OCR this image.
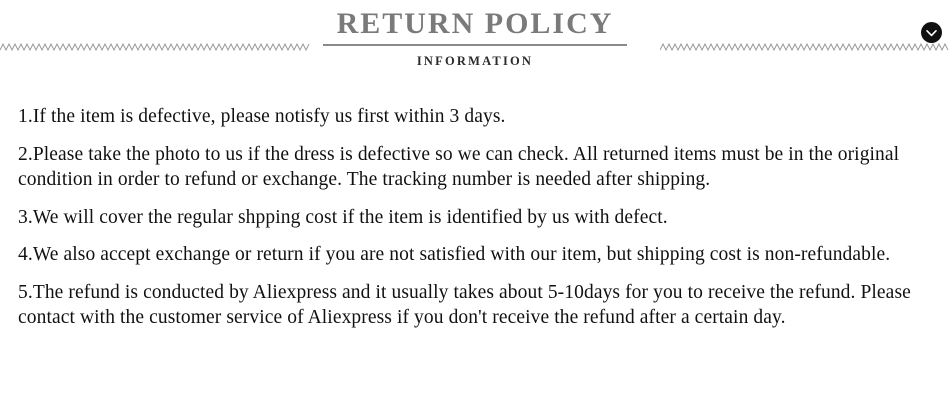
RETURN POLICY
INFORMATION

1.If the item is defective, please notisfy us first within 3 days.

2.Please take the photo to us if the dress is defective so we can check. All returned items must be in the original condition in order to refund or exchange. The tracking number is needed after shipping.

3.We will cover the regular shpping cost if the item is identified by us with defect.

4.We also accept exchange or return if you are not satisfied with our item, but shipping cost is non-refundable.

5.The refund is conducted by Aliexpress and it usually takes about 5-10days for you to receive the refund. Please contact with the customer service of Aliexpress if you don't receive the refund after a certain day.
